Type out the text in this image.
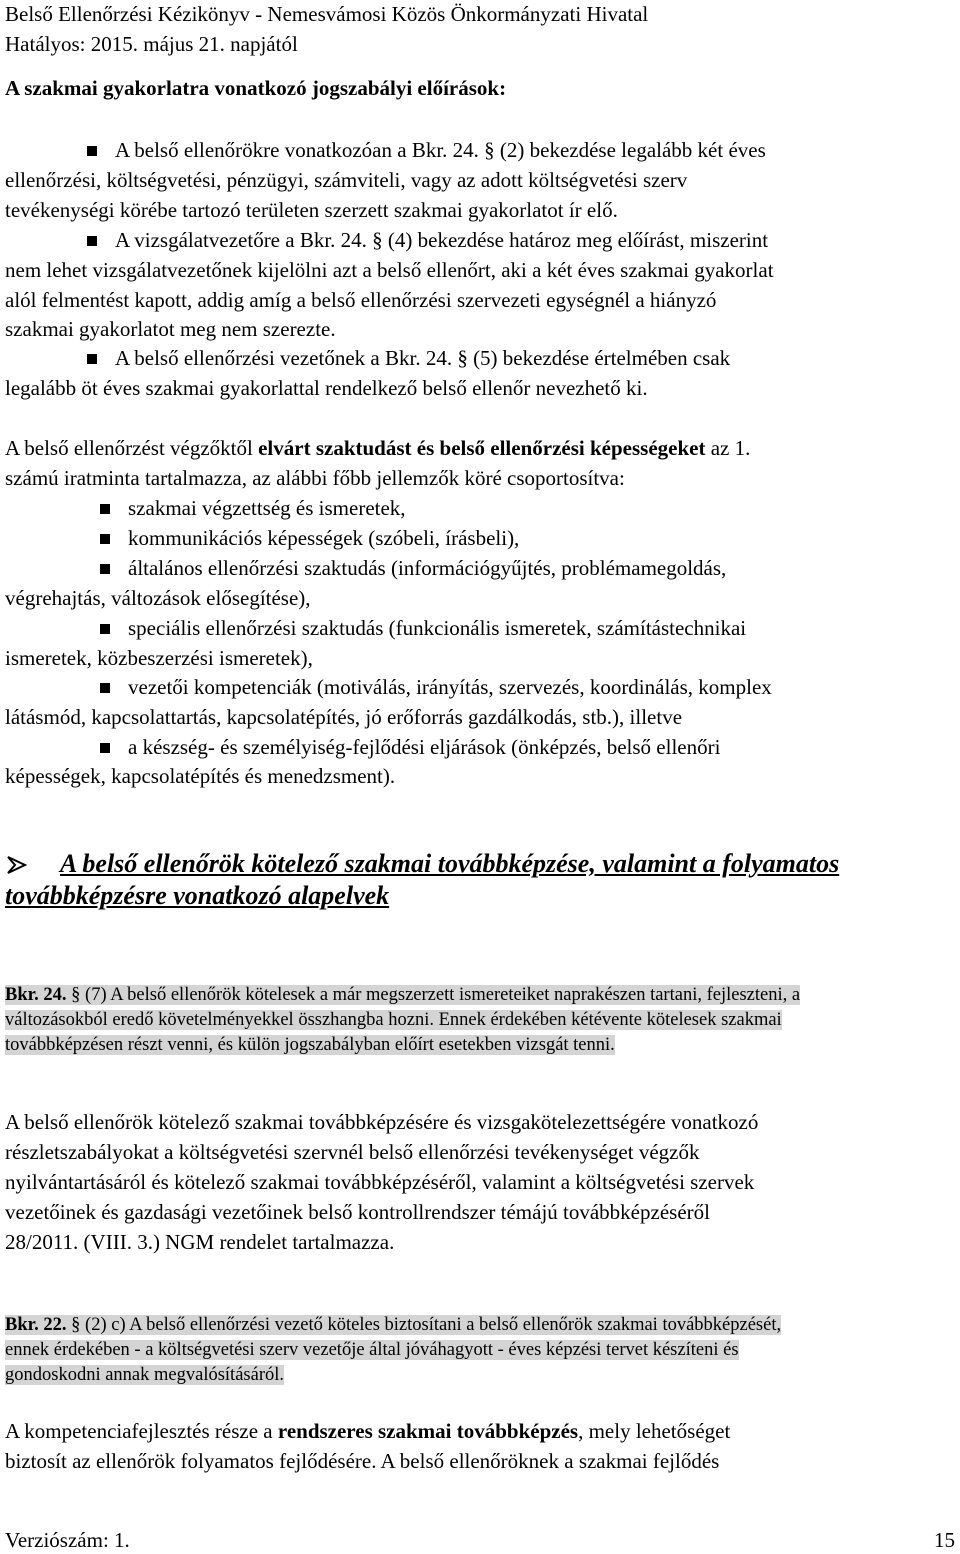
Belső Ellenőrzési Kézikönyv - Nemesvámosi Közös Önkormányzati Hivatal
Hatályos: 2015. május 21. napjától
A szakmai gyakorlatra vonatkozó jogszabályi előírások:
A belső ellenőrökre vonatkozóan a Bkr. 24. § (2) bekezdése legalább két éves
ellenőrzési, költségvetési, pénzügyi, számviteli, vagy az adott költségvetési szerv
tevékenységi körébe tartozó területen szerzett szakmai gyakorlatot ír elő.
A vizsgálatvezetőre a Bkr. 24. § (4) bekezdése határoz meg előírást, miszerint
nem lehet vizsgálatvezetőnek kijelölni azt a belső ellenőrt, aki a két éves szakmai gyakorlat
alól felmentést kapott, addig amíg a belső ellenőrzési szervezeti egységnél a hiányzó
szakmai gyakorlatot meg nem szerezte.
A belső ellenőrzési vezetőnek a Bkr. 24. § (5) bekezdése értelmében csak
legalább öt éves szakmai gyakorlattal rendelkező belső ellenőr nevezhető ki.
A belső ellenőrzést végzőktől elvárt szaktudást és belső ellenőrzési képességeket az 1.
számú iratminta tartalmazza, az alábbi főbb jellemzők köré csoportosítva:
szakmai végzettség és ismeretek,
kommunikációs képességek (szóbeli, írásbeli),
általános ellenőrzési szaktudás (információgyűjtés, problémamegoldás,
végrehajtás, változások elősegítése),
speciális ellenőrzési szaktudás (funkcionális ismeretek, számítástechnikai
ismeretek, közbeszerzési ismeretek),
vezetői kompetenciák (motiválás, irányítás, szervezés, koordinálás, komplex
látásmód, kapcsolattartás, kapcsolatépítés, jó erőforrás gazdálkodás, stb.), illetve
a készség- és személyiség-fejlődési eljárások (önképzés, belső ellenőri
képességek, kapcsolatépítés és menedzsment).
A belső ellenőrök kötelező szakmai továbbképzése, valamint a folyamatos
továbbképzésre vonatkozó alapelvek
Bkr. 24. § (7) A belső ellenőrök kötelesek a már megszerzett ismereteiket naprakészen tartani, fejleszteni, a
változásokból eredő követelményekkel összhangba hozni. Ennek érdekében kétévente kötelesek szakmai
továbbképzésen részt venni, és külön jogszabályban előírt esetekben vizsgát tenni.
A belső ellenőrök kötelező szakmai továbbképzésére és vizsgakötelezettségére vonatkozó
részletszabályokat a költségvetési szervnél belső ellenőrzési tevékenységet végzők
nyilvántartásáról és kötelező szakmai továbbképzéséről, valamint a költségvetési szervek
vezetőinek és gazdasági vezetőinek belső kontrollrendszer témájú továbbképzéséről
28/2011. (VIII. 3.) NGM rendelet tartalmazza.
Bkr. 22. § (2) c) A belső ellenőrzési vezető köteles biztosítani a belső ellenőrök szakmai továbbképzését,
ennek érdekében - a költségvetési szerv vezetője által jóváhagyott - éves képzési tervet készíteni és
gondoskodni annak megvalósításáról.
A kompetenciafejlesztés része a rendszeres szakmai továbbképzés, mely lehetőséget
biztosít az ellenőrök folyamatos fejlődésére. A belső ellenőröknek a szakmai fejlődés
Verziószám: 1.	15
